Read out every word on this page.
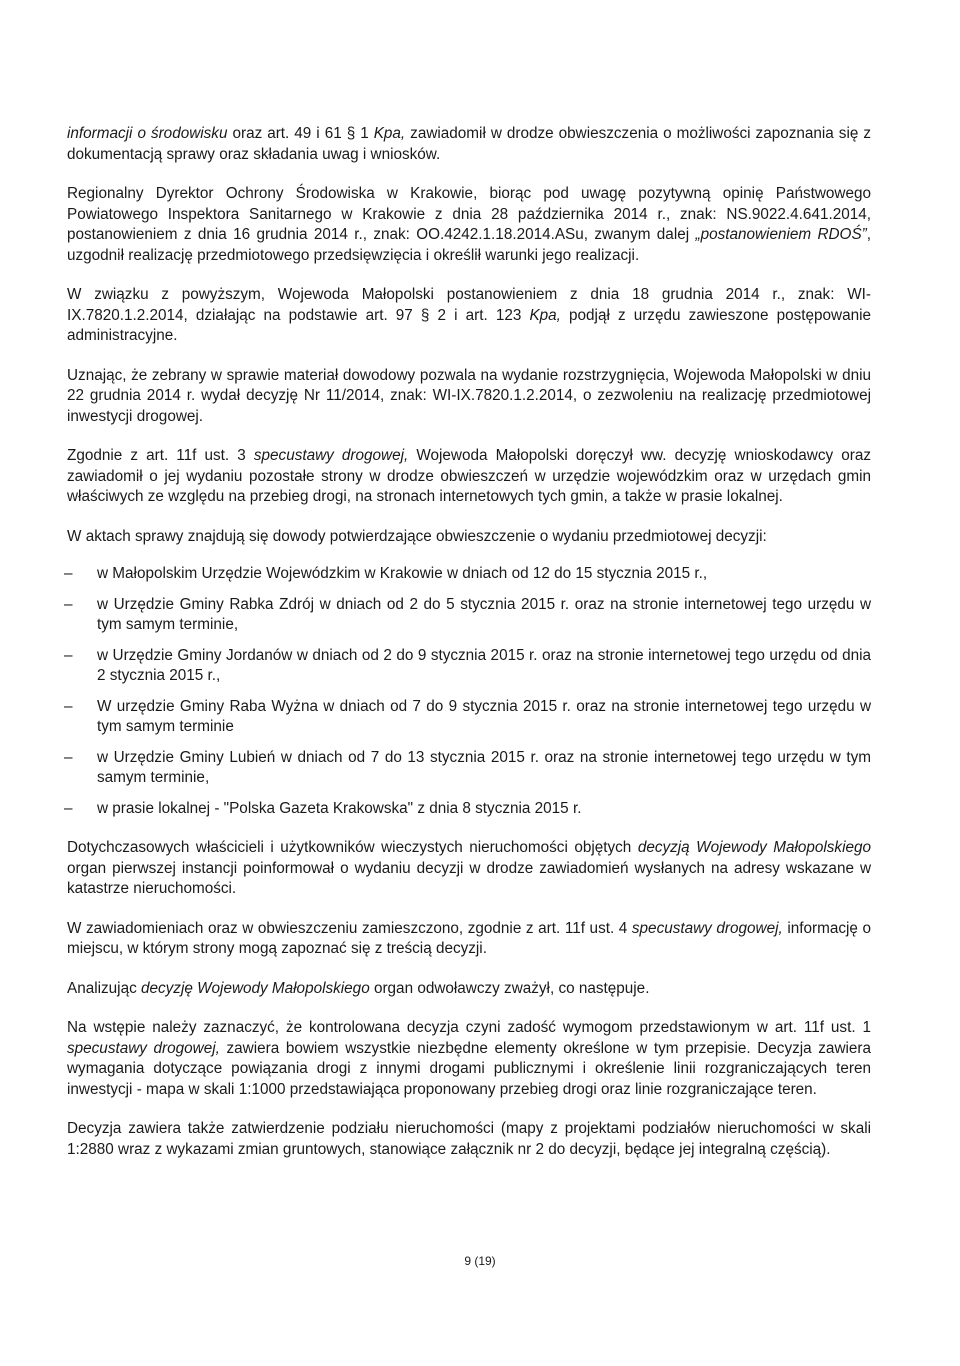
informacji o środowisku oraz art. 49 i 61 § 1 Kpa, zawiadomił w drodze obwieszczenia o możliwości zapoznania się z dokumentacją sprawy oraz składania uwag i wniosków.

Regionalny Dyrektor Ochrony Środowiska w Krakowie, biorąc pod uwagę pozytywną opinię Państwowego Powiatowego Inspektora Sanitarnego w Krakowie z dnia 28 października 2014 r., znak: NS.9022.4.641.2014, postanowieniem z dnia 16 grudnia 2014 r., znak: OO.4242.1.18.2014.ASu, zwanym dalej „postanowieniem RDOŚ”, uzgodnił realizację przedmiotowego przedsięwzięcia i określił warunki jego realizacji.

W związku z powyższym, Wojewoda Małopolski postanowieniem z dnia 18 grudnia 2014 r., znak: WI-IX.7820.1.2.2014, działając na podstawie art. 97 § 2 i art. 123 Kpa, podjął z urzędu zawieszone postępowanie administracyjne.

Uznając, że zebrany w sprawie materiał dowodowy pozwala na wydanie rozstrzygnięcia, Wojewoda Małopolski w dniu 22 grudnia 2014 r. wydał decyzję Nr 11/2014, znak: WI-IX.7820.1.2.2014, o zezwoleniu na realizację przedmiotowej inwestycji drogowej.

Zgodnie z art. 11f ust. 3 specustawy drogowej, Wojewoda Małopolski doręczył ww. decyzję wnioskodawcy oraz zawiadomił o jej wydaniu pozostałe strony w drodze obwieszczeń w urzędzie wojewódzkim oraz w urzędach gmin właściwych ze względu na przebieg drogi, na stronach internetowych tych gmin, a także w prasie lokalnej.

W aktach sprawy znajdują się dowody potwierdzające obwieszczenie o wydaniu przedmiotowej decyzji:

– w Małopolskim Urzędzie Wojewódzkim w Krakowie w dniach od 12 do 15 stycznia 2015 r.,
– w Urzędzie Gminy Rabka Zdrój w dniach od 2 do 5 stycznia 2015 r. oraz na stronie internetowej tego urzędu w tym samym terminie,
– w Urzędzie Gminy Jordanów w dniach od 2 do 9 stycznia 2015 r. oraz na stronie internetowej tego urzędu od dnia 2 stycznia 2015 r.,
– W urzędzie Gminy Raba Wyżna w dniach od 7 do 9 stycznia 2015 r. oraz na stronie internetowej tego urzędu w tym samym terminie
– w Urzędzie Gminy Lubień w dniach od 7 do 13 stycznia 2015 r. oraz na stronie internetowej tego urzędu w tym samym terminie,
– w prasie lokalnej - "Polska Gazeta Krakowska" z dnia 8 stycznia 2015 r.

Dotychczasowych właścicieli i użytkowników wieczystych nieruchomości objętych decyzją Wojewody Małopolskiego organ pierwszej instancji poinformował o wydaniu decyzji w drodze zawiadomień wysłanych na adresy wskazane w katastrze nieruchomości.

W zawiadomieniach oraz w obwieszczeniu zamieszczono, zgodnie z art. 11f ust. 4 specustawy drogowej, informację o miejscu, w którym strony mogą zapoznać się z treścią decyzji.

Analizując decyzję Wojewody Małopolskiego organ odwoławczy zważył, co następuje.

Na wstępie należy zaznaczyć, że kontrolowana decyzja czyni zadość wymogom przedstawionym w art. 11f ust. 1 specustawy drogowej, zawiera bowiem wszystkie niezbędne elementy określone w tym przepisie. Decyzja zawiera wymagania dotyczące powiązania drogi z innymi drogami publicznymi i określenie linii rozgraniczających teren inwestycji - mapa w skali 1:1000 przedstawiająca proponowany przebieg drogi oraz linie rozgraniczające teren.

Decyzja zawiera także zatwierdzenie podziału nieruchomości (mapy z projektami podziałów nieruchomości w skali 1:2880 wraz z wykazami zmian gruntowych, stanowiące załącznik nr 2 do decyzji, będące jej integralną częścią).

9 (19)
